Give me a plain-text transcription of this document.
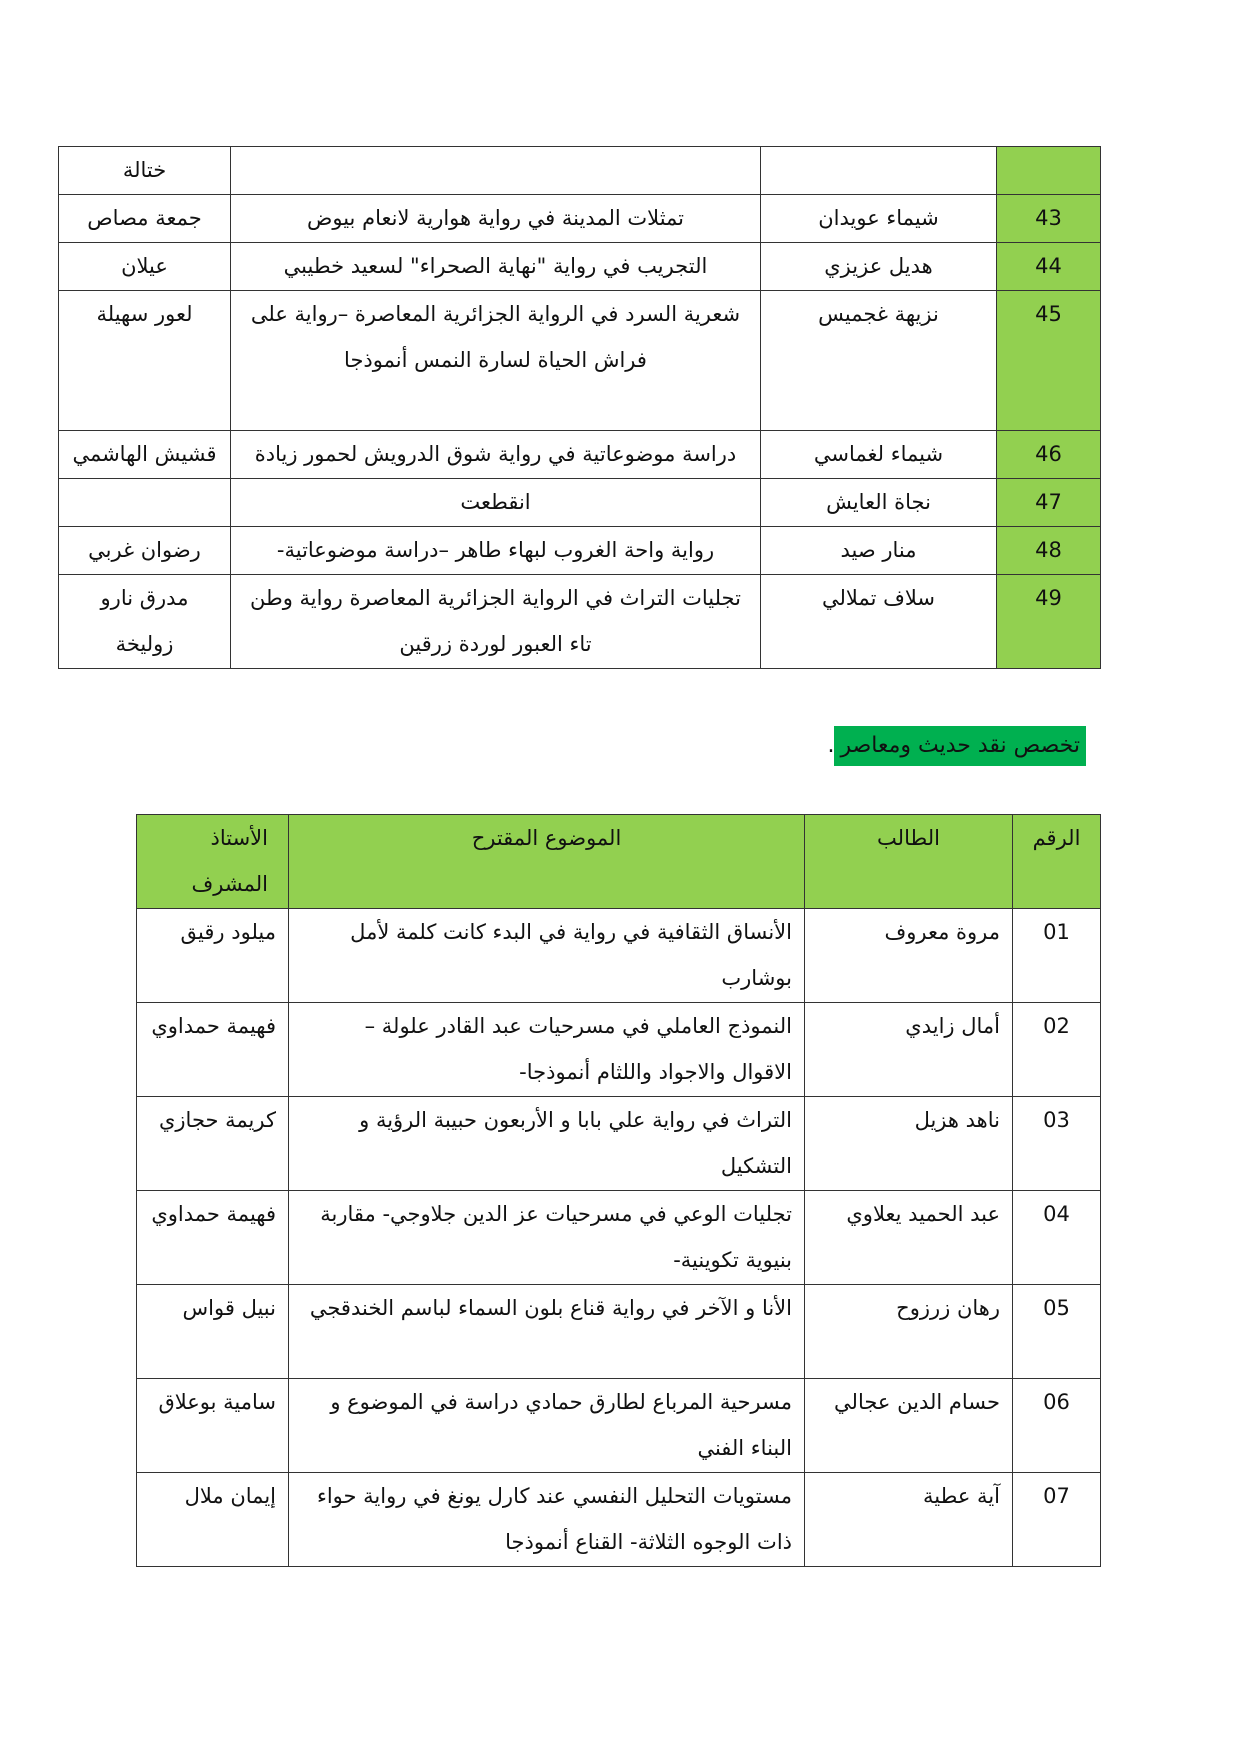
			ختالة
43	شيماء عويدان	تمثلات المدينة في رواية هوارية لانعام بيوض	جمعة مصاص
44	هديل عزيزي	التجريب في رواية "نهاية الصحراء" لسعيد خطيبي	عيلان
45	نزيهة غجميس	شعرية السرد في الرواية الجزائرية المعاصرة –رواية على فراش الحياة لسارة النمس أنموذجا	لعور سهيلة
46	شيماء لغماسي	دراسة موضوعاتية في رواية شوق الدرويش لحمور زيادة	قشيش الهاشمي
47	نجاة العايش	انقطعت	
48	منار صيد	رواية واحة الغروب لبهاء طاهر –دراسة موضوعاتية-	رضوان غربي
49	سلاف تملالي	تجليات التراث في الرواية الجزائرية المعاصرة رواية وطن تاء العبور لوردة زرقين	مدرق نارو زوليخة
تخصص نقد حديث ومعاصر.
الرقم	الطالب	الموضوع المقترح	الأستاذ المشرف
01	مروة معروف	الأنساق الثقافية في رواية في البدء كانت كلمة لأمل بوشارب	ميلود رقيق
02	أمال زايدي	النموذج العاملي في مسرحيات عبد القادر علولة – الاقوال والاجواد واللثام أنموذجا-	فهيمة حمداوي
03	ناهد هزيل	التراث في رواية علي بابا و الأربعون حبيبة الرؤية و التشكيل	كريمة حجازي
04	عبد الحميد يعلاوي	تجليات الوعي في مسرحيات عز الدين جلاوجي- مقاربة بنيوية تكوينية-	فهيمة حمداوي
05	رهان زرزوح	الأنا و الآخر في رواية قناع بلون السماء لباسم الخندقجي	نبيل قواس
06	حسام الدين عجالي	مسرحية المرباع لطارق حمادي دراسة في الموضوع و البناء الفني	سامية بوعلاق
07	آية عطية	مستويات التحليل النفسي عند كارل يونغ في رواية حواء ذات الوجوه الثلاثة- القناع أنموذجا	إيمان ملال
